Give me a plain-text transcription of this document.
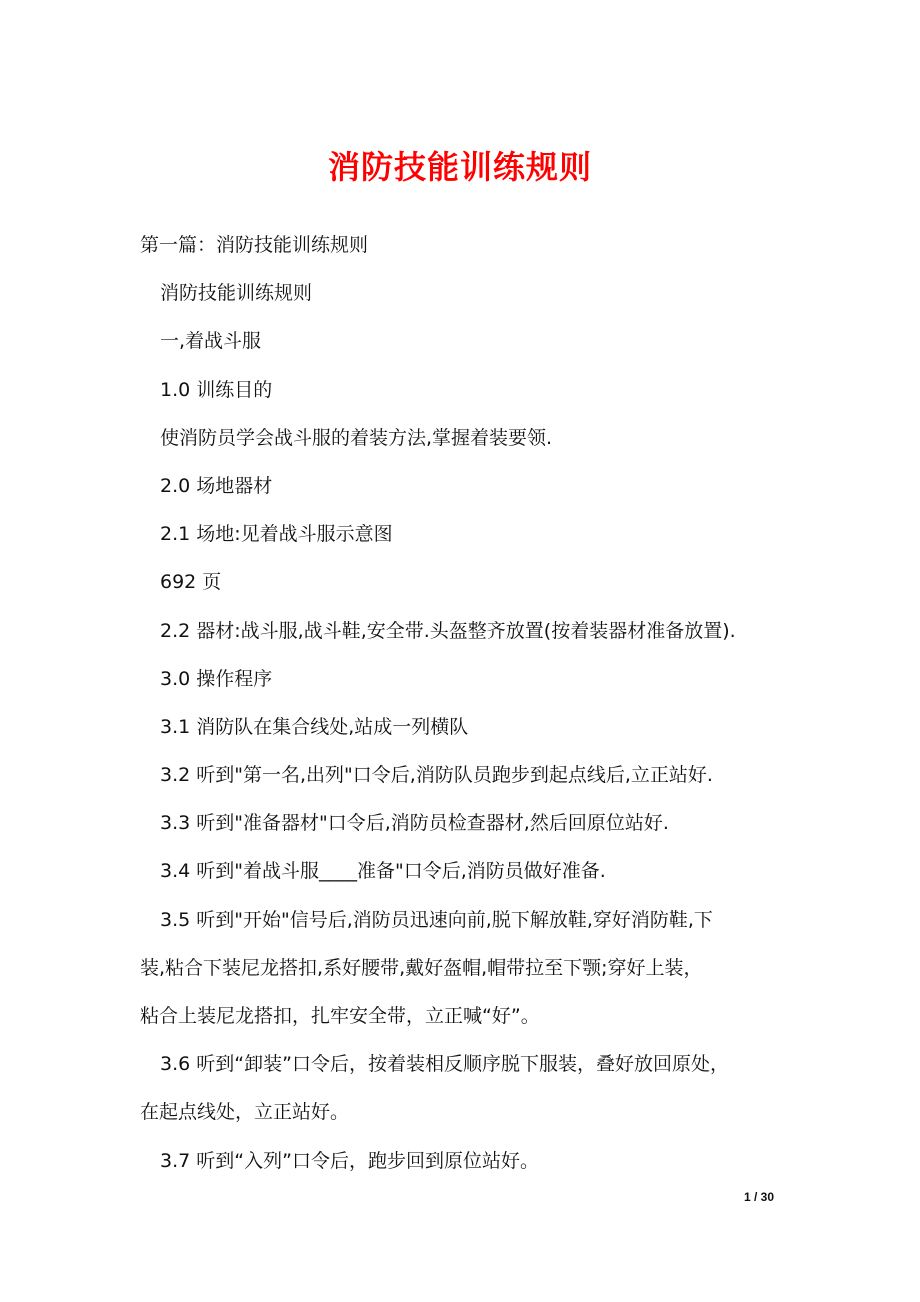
消防技能训练规则
第一篇：消防技能训练规则
消防技能训练规则
一,着战斗服
1.0 训练目的
使消防员学会战斗服的着装方法,掌握着装要领.
2.0 场地器材
2.1 场地:见着战斗服示意图
692 页
2.2 器材:战斗服,战斗鞋,安全带.头盔整齐放置(按着装器材准备放置).
3.0 操作程序
3.1 消防队在集合线处,站成一列横队
3.2 听到"第一名,出列"口令后,消防队员跑步到起点线后,立正站好.
3.3 听到"准备器材"口令后,消防员检查器材,然后回原位站好.
3.4 听到"着战斗服____准备"口令后,消防员做好准备.
3.5 听到"开始"信号后,消防员迅速向前,脱下解放鞋,穿好消防鞋,下
装,粘合下装尼龙搭扣,系好腰带,戴好盔帽,帽带拉至下颚;穿好上装，
粘合上装尼龙搭扣，扎牢安全带，立正喊“好”。
3.6 听到“卸装”口令后，按着装相反顺序脱下服装，叠好放回原处，
在起点线处，立正站好。
3.7 听到“入列”口令后，跑步回到原位站好。
1 / 30
